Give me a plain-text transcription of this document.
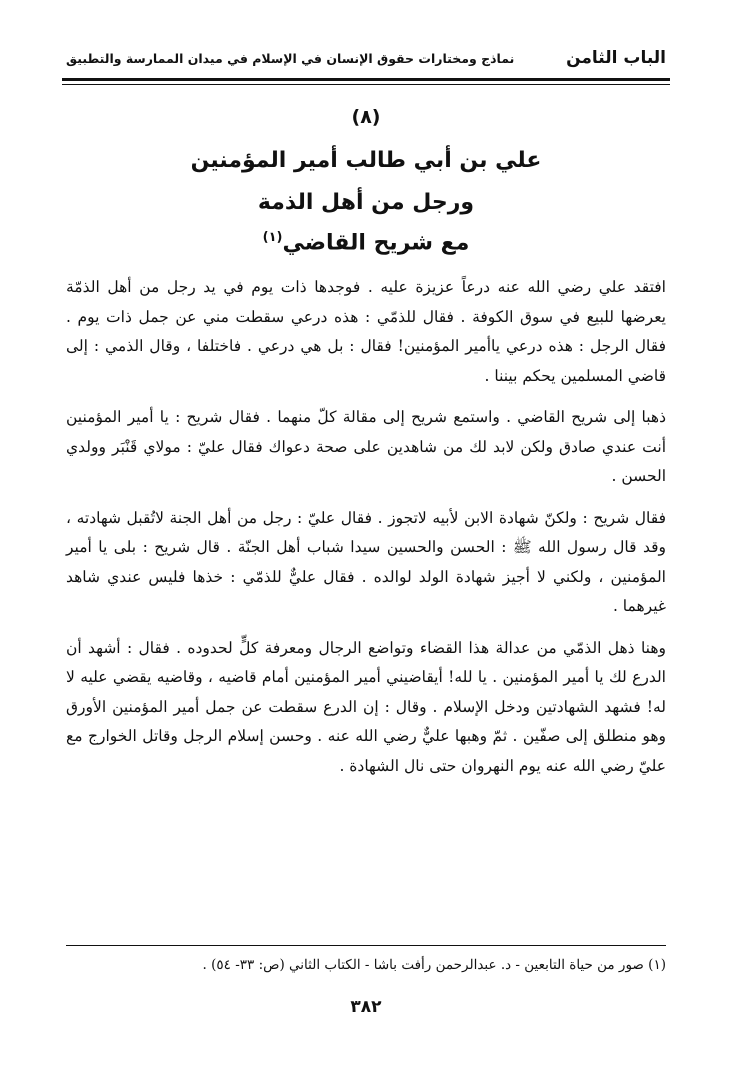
الباب الثامن
نماذج ومختارات حقوق الإنسان في الإسلام في ميدان الممارسة والتطبيق
(٨)
علي بن أبي طالب أمير المؤمنين
ورجل من أهل الذمة
مع شريح القاضي$^{(١)}$

افتقد علي رضي الله عنه درعاً عزيزة عليه . فوجدها ذات يوم في يد رجل من أهل الذمّة يعرضها للبيع في سوق الكوفة . فقال للذمّي : هذه درعي سقطت مني عن جمل ذات يوم . فقال الرجل : هذه درعي ياأمير المؤمنين! فقال : بل هي درعي . فاختلفا ، وقال الذمي : إلى قاضي المسلمين يحكم بيننا .

ذهبا إلى شريح القاضي . واستمع شريح إلى مقالة كلّ منهما . فقال شريح : يا أمير المؤمنين أنت عندي صادق ولكن لابد لك من شاهدين على صحة دعواك فقال عليّ : مولاي قَنْبَر وولدي الحسن .

فقال شريح : ولكنّ شهادة الابن لأبيه لاتجوز . فقال عليّ : رجل من أهل الجنة لاتُقبل شهادته ، وقد قال رسول الله ﷺ : الحسن والحسين سيدا شباب أهل الجنّة . قال شريح : بلى يا أمير المؤمنين ، ولكني لا أجيز شهادة الولد لوالده . فقال عليٌّ للذمّي : خذها فليس عندي شاهد غيرهما .

وهنا ذهل الذمّي من عدالة هذا القضاء وتواضع الرجال ومعرفة كلٍّ لحدوده . فقال : أشهد أن الدرع لك يا أمير المؤمنين . يا لله! أيقاضيني أمير المؤمنين أمام قاضيه ، وقاضيه يقضي عليه لا له! فشهد الشهادتين ودخل الإسلام . وقال : إن الدرع سقطت عن جمل أمير المؤمنين الأورق وهو منطلق إلى صفّين . ثمّ وهبها عليٌّ رضي الله عنه . وحسن إسلام الرجل وقاتل الخوارج مع عليّ رضي الله عنه يوم النهروان حتى نال الشهادة .

(١) صور من حياة التابعين - د. عبدالرحمن رأفت باشا - الكتاب الثاني (ص: ٣٣- ٥٤) .
٣٨٢
